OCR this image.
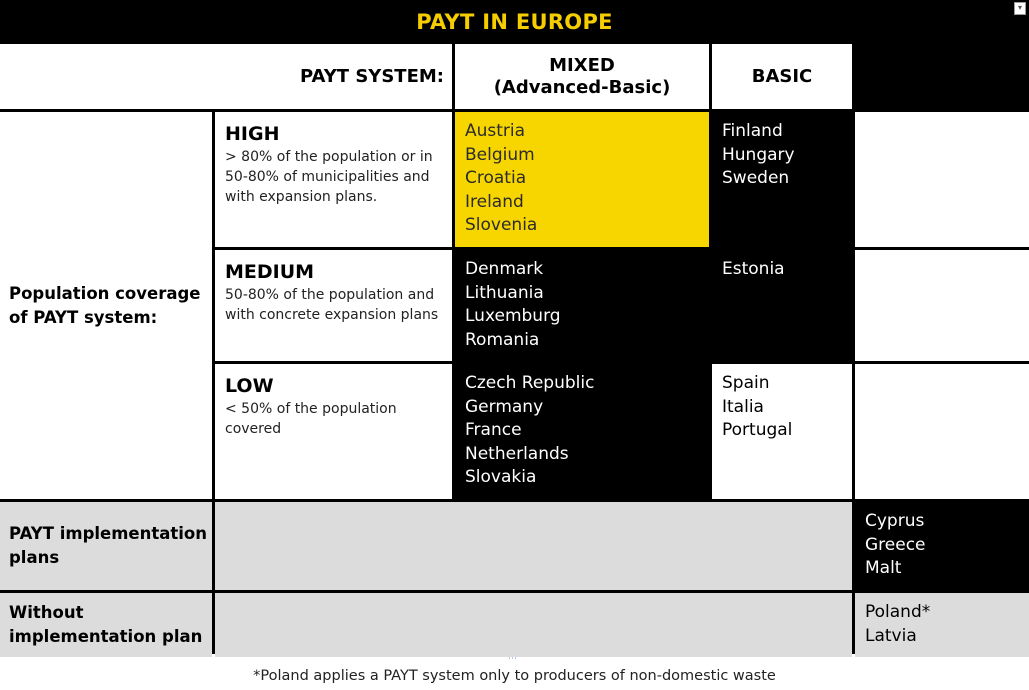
PAYT IN EUROPE
▾
PAYT SYSTEM:
MIXED
(Advanced-Basic)
BASIC
Population coverage of PAYT system:
HIGH
> 80% of the population or in 50-80% of municipalities and with expansion plans.
Austria
Belgium
Croatia
Ireland
Slovenia
Finland
Hungary
Sweden
MEDIUM
50-80% of the population and with concrete expansion plans
Denmark
Lithuania
Luxemburg
Romania
Estonia
LOW
< 50% of the population covered
Czech Republic
Germany
France
Netherlands
Slovakia
Spain
Italia
Portugal
PAYT implementation plans
Cyprus
Greece
Malt
Without implementation plan
Poland*
Latvia
⋯
*Poland applies a PAYT system only to producers of non-domestic waste
